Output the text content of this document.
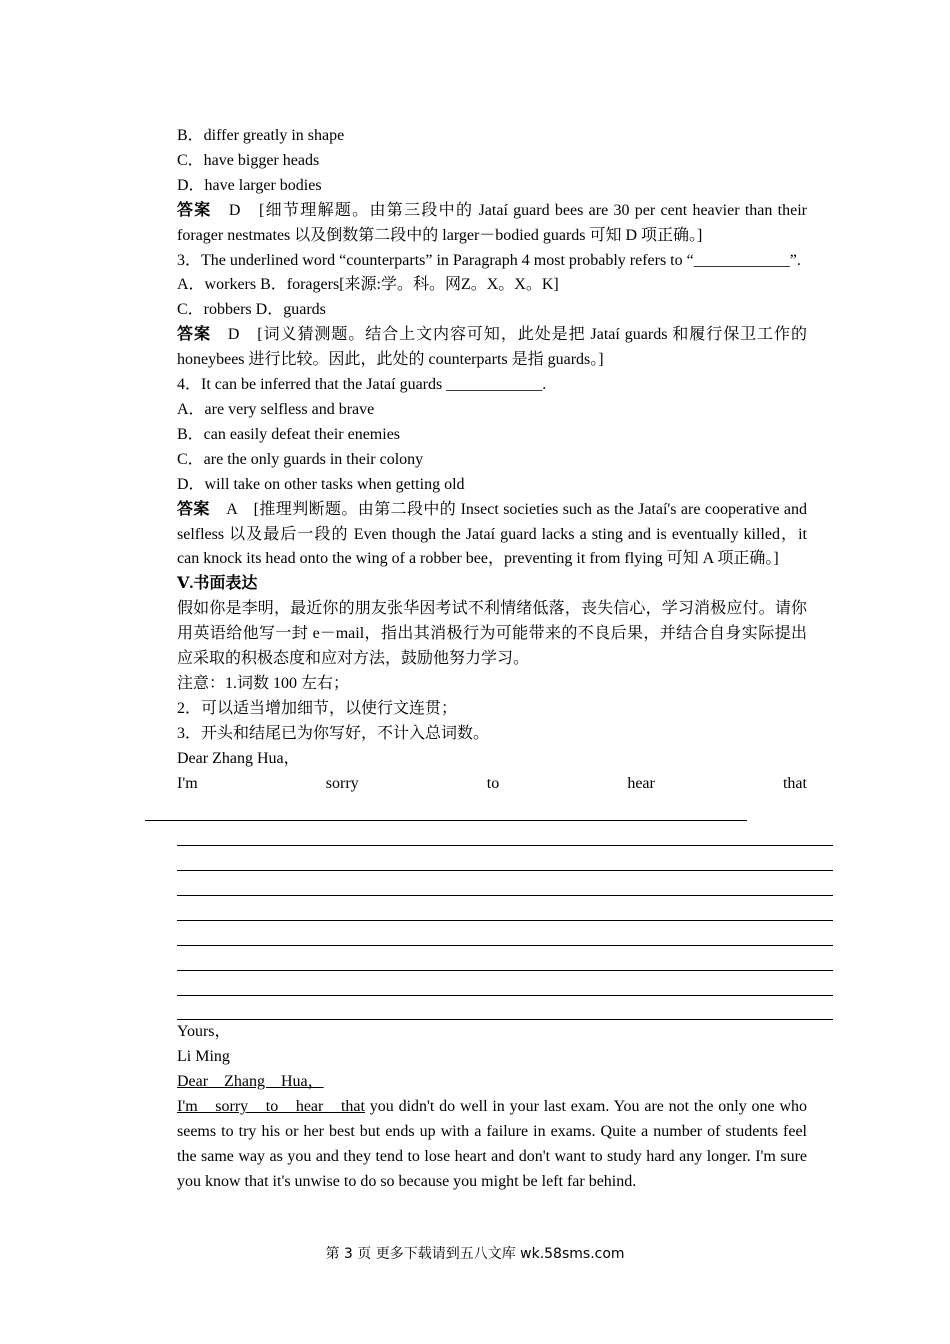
B．differ greatly in shape
C．have bigger heads
D．have larger bodies
答案　D　[细节理解题。由第三段中的 Jataí guard bees are 30 per cent heavier than their forager nestmates 以及倒数第二段中的 larger－bodied guards 可知 D 项正确。]
3．The underlined word “counterparts” in Paragraph 4 most probably refers to “____________”.
A．workers B．foragers[来源:学。科。网Z。X。X。K]
C．robbers D．guards
答案　D　[词义猜测题。结合上文内容可知，此处是把 Jataí guards 和履行保卫工作的 honeybees 进行比较。因此，此处的 counterparts 是指 guards。]
4．It can be inferred that the Jataí guards ____________.
A．are very selfless and brave
B．can easily defeat their enemies
C．are the only guards in their colony
D．will take on other tasks when getting old
答案　A　[推理判断题。由第二段中的 Insect societies such as the Jataí's are cooperative and selfless 以及最后一段的 Even though the Jataí guard lacks a sting and is eventually killed，it can knock its head onto the wing of a robber bee，preventing it from flying 可知 A 项正确。]
Ⅴ.书面表达
假如你是李明，最近你的朋友张华因考试不利情绪低落，丧失信心，学习消极应付。请你用英语给他写一封 e－mail，指出其消极行为可能带来的不良后果，并结合自身实际提出应采取的积极态度和应对方法，鼓励他努力学习。
注意：1.词数 100 左右；
2．可以适当增加细节，以使行文连贯；
3．开头和结尾已为你写好，不计入总词数。
Dear Zhang Hua，
I'm	sorry	to	hear	that
Yours，
Li Ming
Dear　Zhang　Hua，
I'm　sorry　to　hear　that you didn't do well in your last exam. You are not the only one who seems to try his or her best but ends up with a failure in exams. Quite a number of students feel the same way as you and they tend to lose heart and don't want to study hard any longer. I'm sure you know that it's unwise to do so because you might be left far behind.
第 3 页 更多下载请到五八文库 wk.58sms.com
